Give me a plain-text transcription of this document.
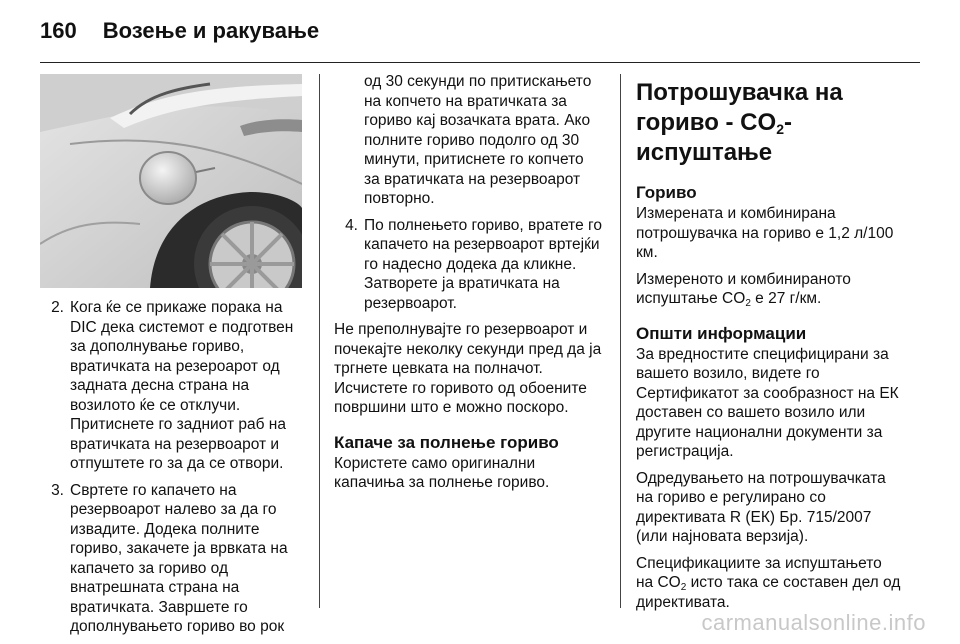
160 Возење и ракување
2. Кога ќе се прикаже порака на DIC дека системот е подготвен за дополнување гориво, вратичката на резероарот од задната десна страна на возилото ќе се отклучи. Притиснете го задниот раб на вратичката на резервоарот и отпуштете го за да се отвори.
3. Свртете го капачето на резервоарот налево за да го извадите. Додека полните гориво, закачете ја врвката на капачето за гориво од внатрешната страна на вратичката. Завршете го дополнувањето гориво во рок
од 30 секунди по притискањето на копчето на вратичката за гориво кај возачката врата. Ако полните гориво подолго од 30 минути, притиснете го копчето за вратичката на резервоарот повторно.
4. По полнењето гориво, вратете го капачето на резервоарот вртејќи го надесно додека да кликне. Затворете ја вратичката на резервоарот.

Не преполнувајте го резервоарот и почекајте неколку секунди пред да ја тргнете цевката на полначот. Исчистете го горивото од обоените површини што е можно поскоро.

Капаче за полнење гориво

Користете само оригинални капачиња за полнење гориво.

Потрошувачка на гориво - $CO_2$-испуштање
Гориво

Измерената и комбинирана потрошувачка на гориво е 1,2 л/100 км.

Измереното и комбинираното испуштање $CO_2$ е 27 г/км.

Општи информации

За вредностите специфицирани за вашето возило, видете го Сертификатот за сообразност на ЕК доставен со вашето возило или другите национални документи за регистрација.

Одредувањето на потрошувачката на гориво е регулирано со директивата R (ЕК) Бр. 715/2007 (или најновата верзија).

Спецификациите за испуштањето на $CO_2$ исто така се составен дел од директивата.

carmanualsonline.info
